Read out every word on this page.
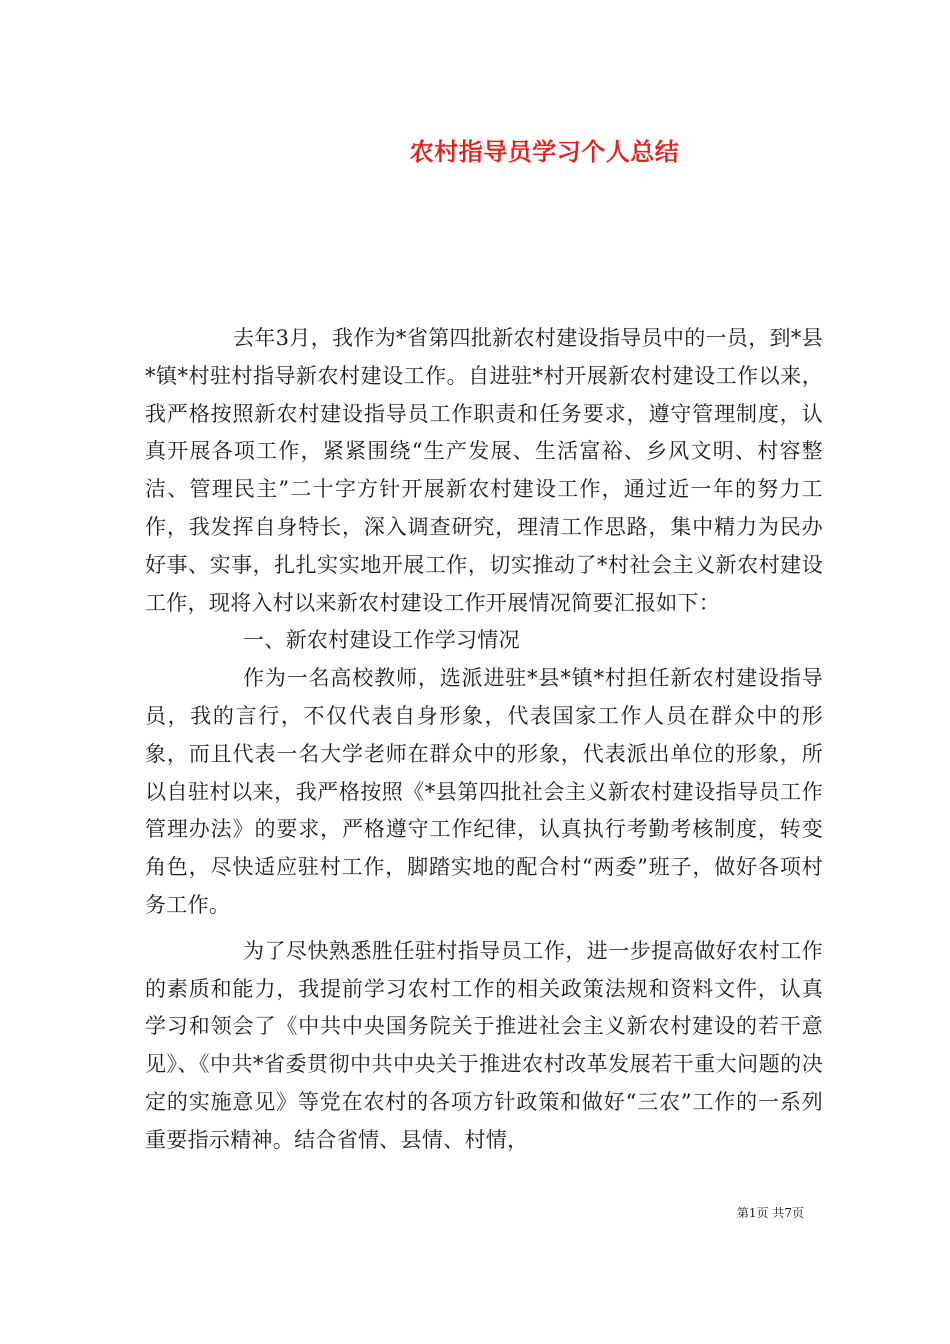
农村指导员学习个人总结

去年3月，我作为*省第四批新农村建设指导员中的一员，到*县*镇*村驻村指导新农村建设工作。自进驻*村开展新农村建设工作以来，我严格按照新农村建设指导员工作职责和任务要求，遵守管理制度，认真开展各项工作，紧紧围绕“生产发展、生活富裕、乡风文明、村容整洁、管理民主”二十字方针开展新农村建设工作，通过近一年的努力工作，我发挥自身特长，深入调查研究，理清工作思路，集中精力为民办好事、实事，扎扎实实地开展工作，切实推动了*村社会主义新农村建设工作，现将入村以来新农村建设工作开展情况简要汇报如下：

一、新农村建设工作学习情况

作为一名高校教师，选派进驻*县*镇*村担任新农村建设指导员，我的言行，不仅代表自身形象，代表国家工作人员在群众中的形象，而且代表一名大学老师在群众中的形象，代表派出单位的形象，所以自驻村以来，我严格按照《*县第四批社会主义新农村建设指导员工作管理办法》的要求，严格遵守工作纪律，认真执行考勤考核制度，转变角色，尽快适应驻村工作，脚踏实地的配合村“两委”班子，做好各项村务工作。

为了尽快熟悉胜任驻村指导员工作，进一步提高做好农村工作的素质和能力，我提前学习农村工作的相关政策法规和资料文件，认真学习和领会了《中共中央国务院关于推进社会主义新农村建设的若干意见》、《中共*省委贯彻中共中央关于推进农村改革发展若干重大问题的决定的实施意见》等党在农村的各项方针政策和做好“三农”工作的一系列重要指示精神。结合省情、县情、村情，

第1页 共7页
